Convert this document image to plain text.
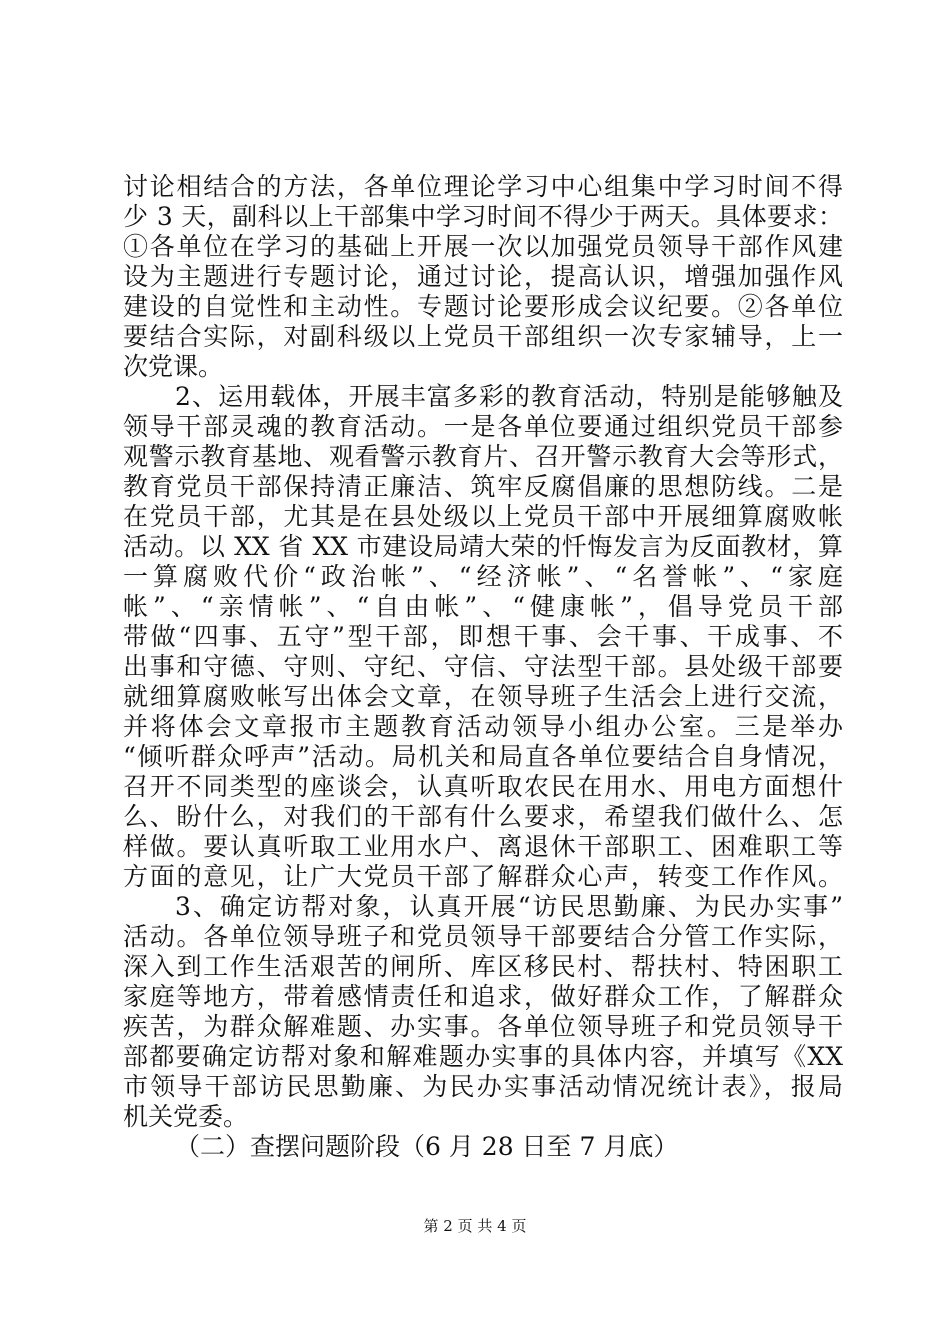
讨论相结合的方法，各单位理论学习中心组集中学习时间不得
少 3 天，副科以上干部集中学习时间不得少于两天。具体要求：
①各单位在学习的基础上开展一次以加强党员领导干部作风建
设为主题进行专题讨论，通过讨论，提高认识，增强加强作风
建设的自觉性和主动性。专题讨论要形成会议纪要。②各单位
要结合实际，对副科级以上党员干部组织一次专家辅导，上一
次党课。
2、运用载体，开展丰富多彩的教育活动，特别是能够触及
领导干部灵魂的教育活动。一是各单位要通过组织党员干部参
观警示教育基地、观看警示教育片、召开警示教育大会等形式，
教育党员干部保持清正廉洁、筑牢反腐倡廉的思想防线。二是
在党员干部，尤其是在县处级以上党员干部中开展细算腐败帐
活动。以 XX 省 XX 市建设局靖大荣的忏悔发言为反面教材，算
一算腐败代价“政治帐”、“经济帐”、“名誉帐”、“家庭
帐”、“亲情帐”、“自由帐”、“健康帐”，倡导党员干部
带做“四事、五守”型干部，即想干事、会干事、干成事、不
出事和守德、守则、守纪、守信、守法型干部。县处级干部要
就细算腐败帐写出体会文章，在领导班子生活会上进行交流，
并将体会文章报市主题教育活动领导小组办公室。三是举办
“倾听群众呼声”活动。局机关和局直各单位要结合自身情况，
召开不同类型的座谈会，认真听取农民在用水、用电方面想什
么、盼什么，对我们的干部有什么要求，希望我们做什么、怎
样做。要认真听取工业用水户、离退休干部职工、困难职工等
方面的意见，让广大党员干部了解群众心声，转变工作作风。
3、确定访帮对象，认真开展“访民思勤廉、为民办实事”
活动。各单位领导班子和党员领导干部要结合分管工作实际，
深入到工作生活艰苦的闸所、库区移民村、帮扶村、特困职工
家庭等地方，带着感情责任和追求，做好群众工作，了解群众
疾苦，为群众解难题、办实事。各单位领导班子和党员领导干
部都要确定访帮对象和解难题办实事的具体内容，并填写《XX
市领导干部访民思勤廉、为民办实事活动情况统计表》，报局
机关党委。
（二）查摆问题阶段（6 月 28 日至 7 月底）
第 2 页 共 4 页
